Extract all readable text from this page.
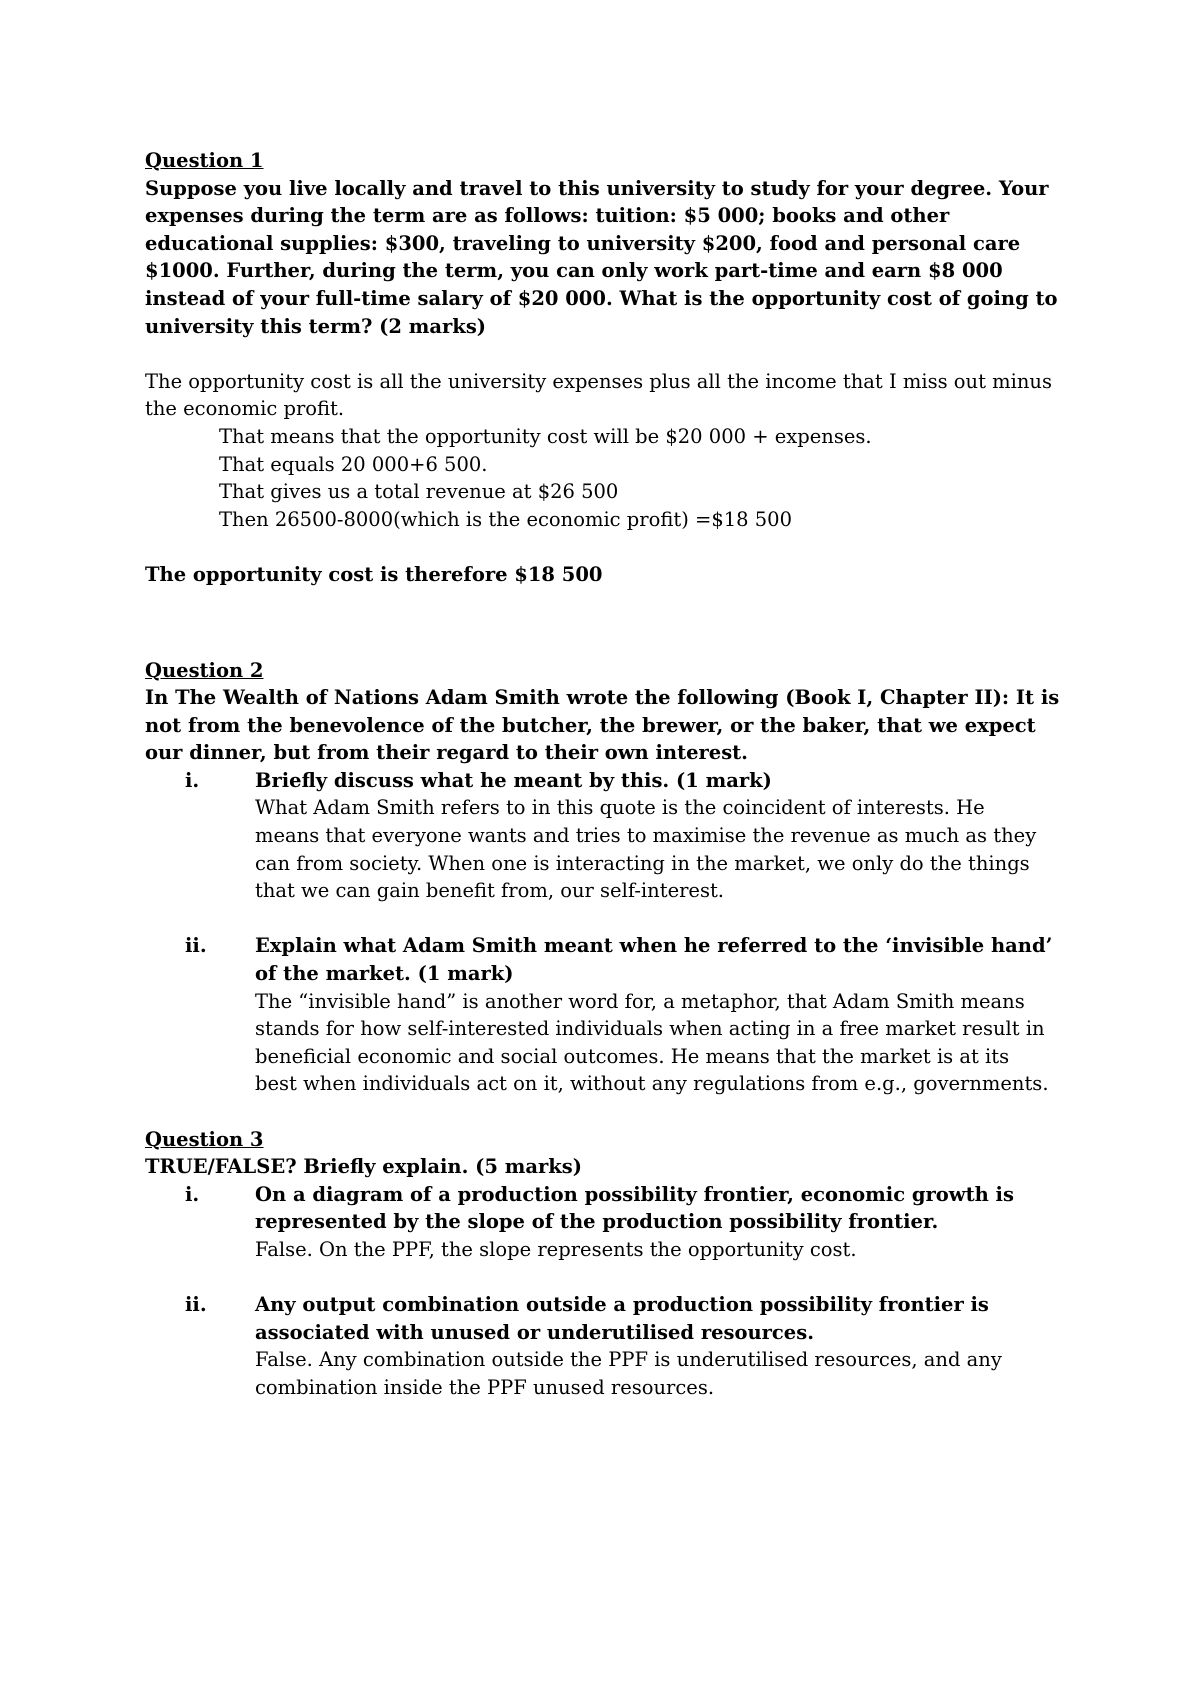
Question 1

Suppose you live locally and travel to this university to study for your degree. Your expenses during the term are as follows: tuition: $5 000; books and other educational supplies: $300, traveling to university $200, food and personal care $1000. Further, during the term, you can only work part-time and earn $8 000 instead of your full-time salary of $20 000. What is the opportunity cost of going to university this term? (2 marks)

The opportunity cost is all the university expenses plus all the income that I miss out minus the economic profit.

That means that the opportunity cost will be $20 000 + expenses.

That equals 20 000+6 500.

That gives us a total revenue at $26 500

Then 26500-8000(which is the economic profit) =$18 500

The opportunity cost is therefore $18 500

Question 2

In The Wealth of Nations Adam Smith wrote the following (Book I, Chapter II): It is not from the benevolence of the butcher, the brewer, or the baker, that we expect our dinner, but from their regard to their own interest.

i.	Briefly discuss what he meant by this. (1 mark)

What Adam Smith refers to in this quote is the coincident of interests. He means that everyone wants and tries to maximise the revenue as much as they can from society. When one is interacting in the market, we only do the things that we can gain benefit from, our self-interest.

ii.	Explain what Adam Smith meant when he referred to the ‘invisible hand’ of the market. (1 mark)

The “invisible hand” is another word for, a metaphor, that Adam Smith means stands for how self-interested individuals when acting in a free market result in beneficial economic and social outcomes. He means that the market is at its best when individuals act on it, without any regulations from e.g., governments.

Question 3

TRUE/FALSE? Briefly explain. (5 marks)

i.	On a diagram of a production possibility frontier, economic growth is represented by the slope of the production possibility frontier.

False. On the PPF, the slope represents the opportunity cost.

ii.	Any output combination outside a production possibility frontier is associated with unused or underutilised resources.

False. Any combination outside the PPF is underutilised resources, and any combination inside the PPF unused resources.
